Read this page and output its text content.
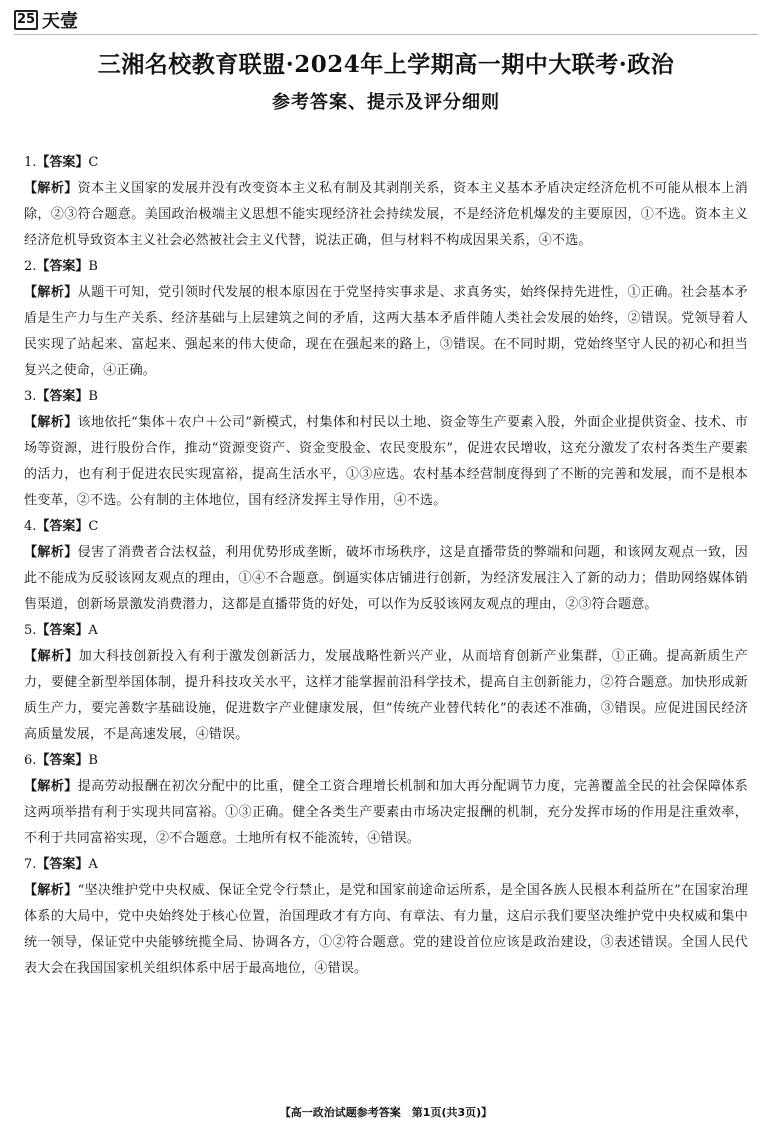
25 天壹
三湘名校教育联盟·2024年上学期高一期中大联考·政治
参考答案、提示及评分细则
1.【答案】C
【解析】资本主义国家的发展并没有改变资本主义私有制及其剥削关系，资本主义基本矛盾决定经济危机不可能从根本上消除，②③符合题意。美国政治极端主义思想不能实现经济社会持续发展，不是经济危机爆发的主要原因，①不选。资本主义经济危机导致资本主义社会必然被社会主义代替，说法正确，但与材料不构成因果关系，④不选。
2.【答案】B
【解析】从题干可知，党引领时代发展的根本原因在于党坚持实事求是、求真务实，始终保持先进性，①正确。社会基本矛盾是生产力与生产关系、经济基础与上层建筑之间的矛盾，这两大基本矛盾伴随人类社会发展的始终，②错误。党领导着人民实现了站起来、富起来、强起来的伟大使命，现在在强起来的路上，③错误。在不同时期，党始终坚守人民的初心和担当复兴之使命，④正确。
3.【答案】B
【解析】该地依托“集体＋农户＋公司”新模式，村集体和村民以土地、资金等生产要素入股，外面企业提供资金、技术、市场等资源，进行股份合作，推动“资源变资产、资金变股金、农民变股东”，促进农民增收，这充分激发了农村各类生产要素的活力，也有利于促进农民实现富裕，提高生活水平，①③应选。农村基本经营制度得到了不断的完善和发展，而不是根本性变革，②不选。公有制的主体地位，国有经济发挥主导作用，④不选。
4.【答案】C
【解析】侵害了消费者合法权益，利用优势形成垄断，破坏市场秩序，这是直播带货的弊端和问题，和该网友观点一致，因此不能成为反驳该网友观点的理由，①④不合题意。倒逼实体店铺进行创新，为经济发展注入了新的动力；借助网络媒体销售渠道，创新场景激发消费潜力，这都是直播带货的好处，可以作为反驳该网友观点的理由，②③符合题意。
5.【答案】A
【解析】加大科技创新投入有利于激发创新活力，发展战略性新兴产业，从而培育创新产业集群，①正确。提高新质生产力，要健全新型举国体制，提升科技攻关水平，这样才能掌握前沿科学技术，提高自主创新能力，②符合题意。加快形成新质生产力，要完善数字基础设施，促进数字产业健康发展，但“传统产业替代转化”的表述不准确，③错误。应促进国民经济高质量发展，不是高速发展，④错误。
6.【答案】B
【解析】提高劳动报酬在初次分配中的比重，健全工资合理增长机制和加大再分配调节力度，完善覆盖全民的社会保障体系这两项举措有利于实现共同富裕。①③正确。健全各类生产要素由市场决定报酬的机制，充分发挥市场的作用是注重效率，不利于共同富裕实现，②不合题意。土地所有权不能流转，④错误。
7.【答案】A
【解析】“坚决维护党中央权威、保证全党令行禁止，是党和国家前途命运所系，是全国各族人民根本利益所在”在国家治理体系的大局中，党中央始终处于核心位置，治国理政才有方向、有章法、有力量，这启示我们要坚决维护党中央权威和集中统一领导，保证党中央能够统揽全局、协调各方，①②符合题意。党的建设首位应该是政治建设，③表述错误。全国人民代表大会在我国国家机关组织体系中居于最高地位，④错误。
【高一政治试题参考答案　第1页(共3页)】
